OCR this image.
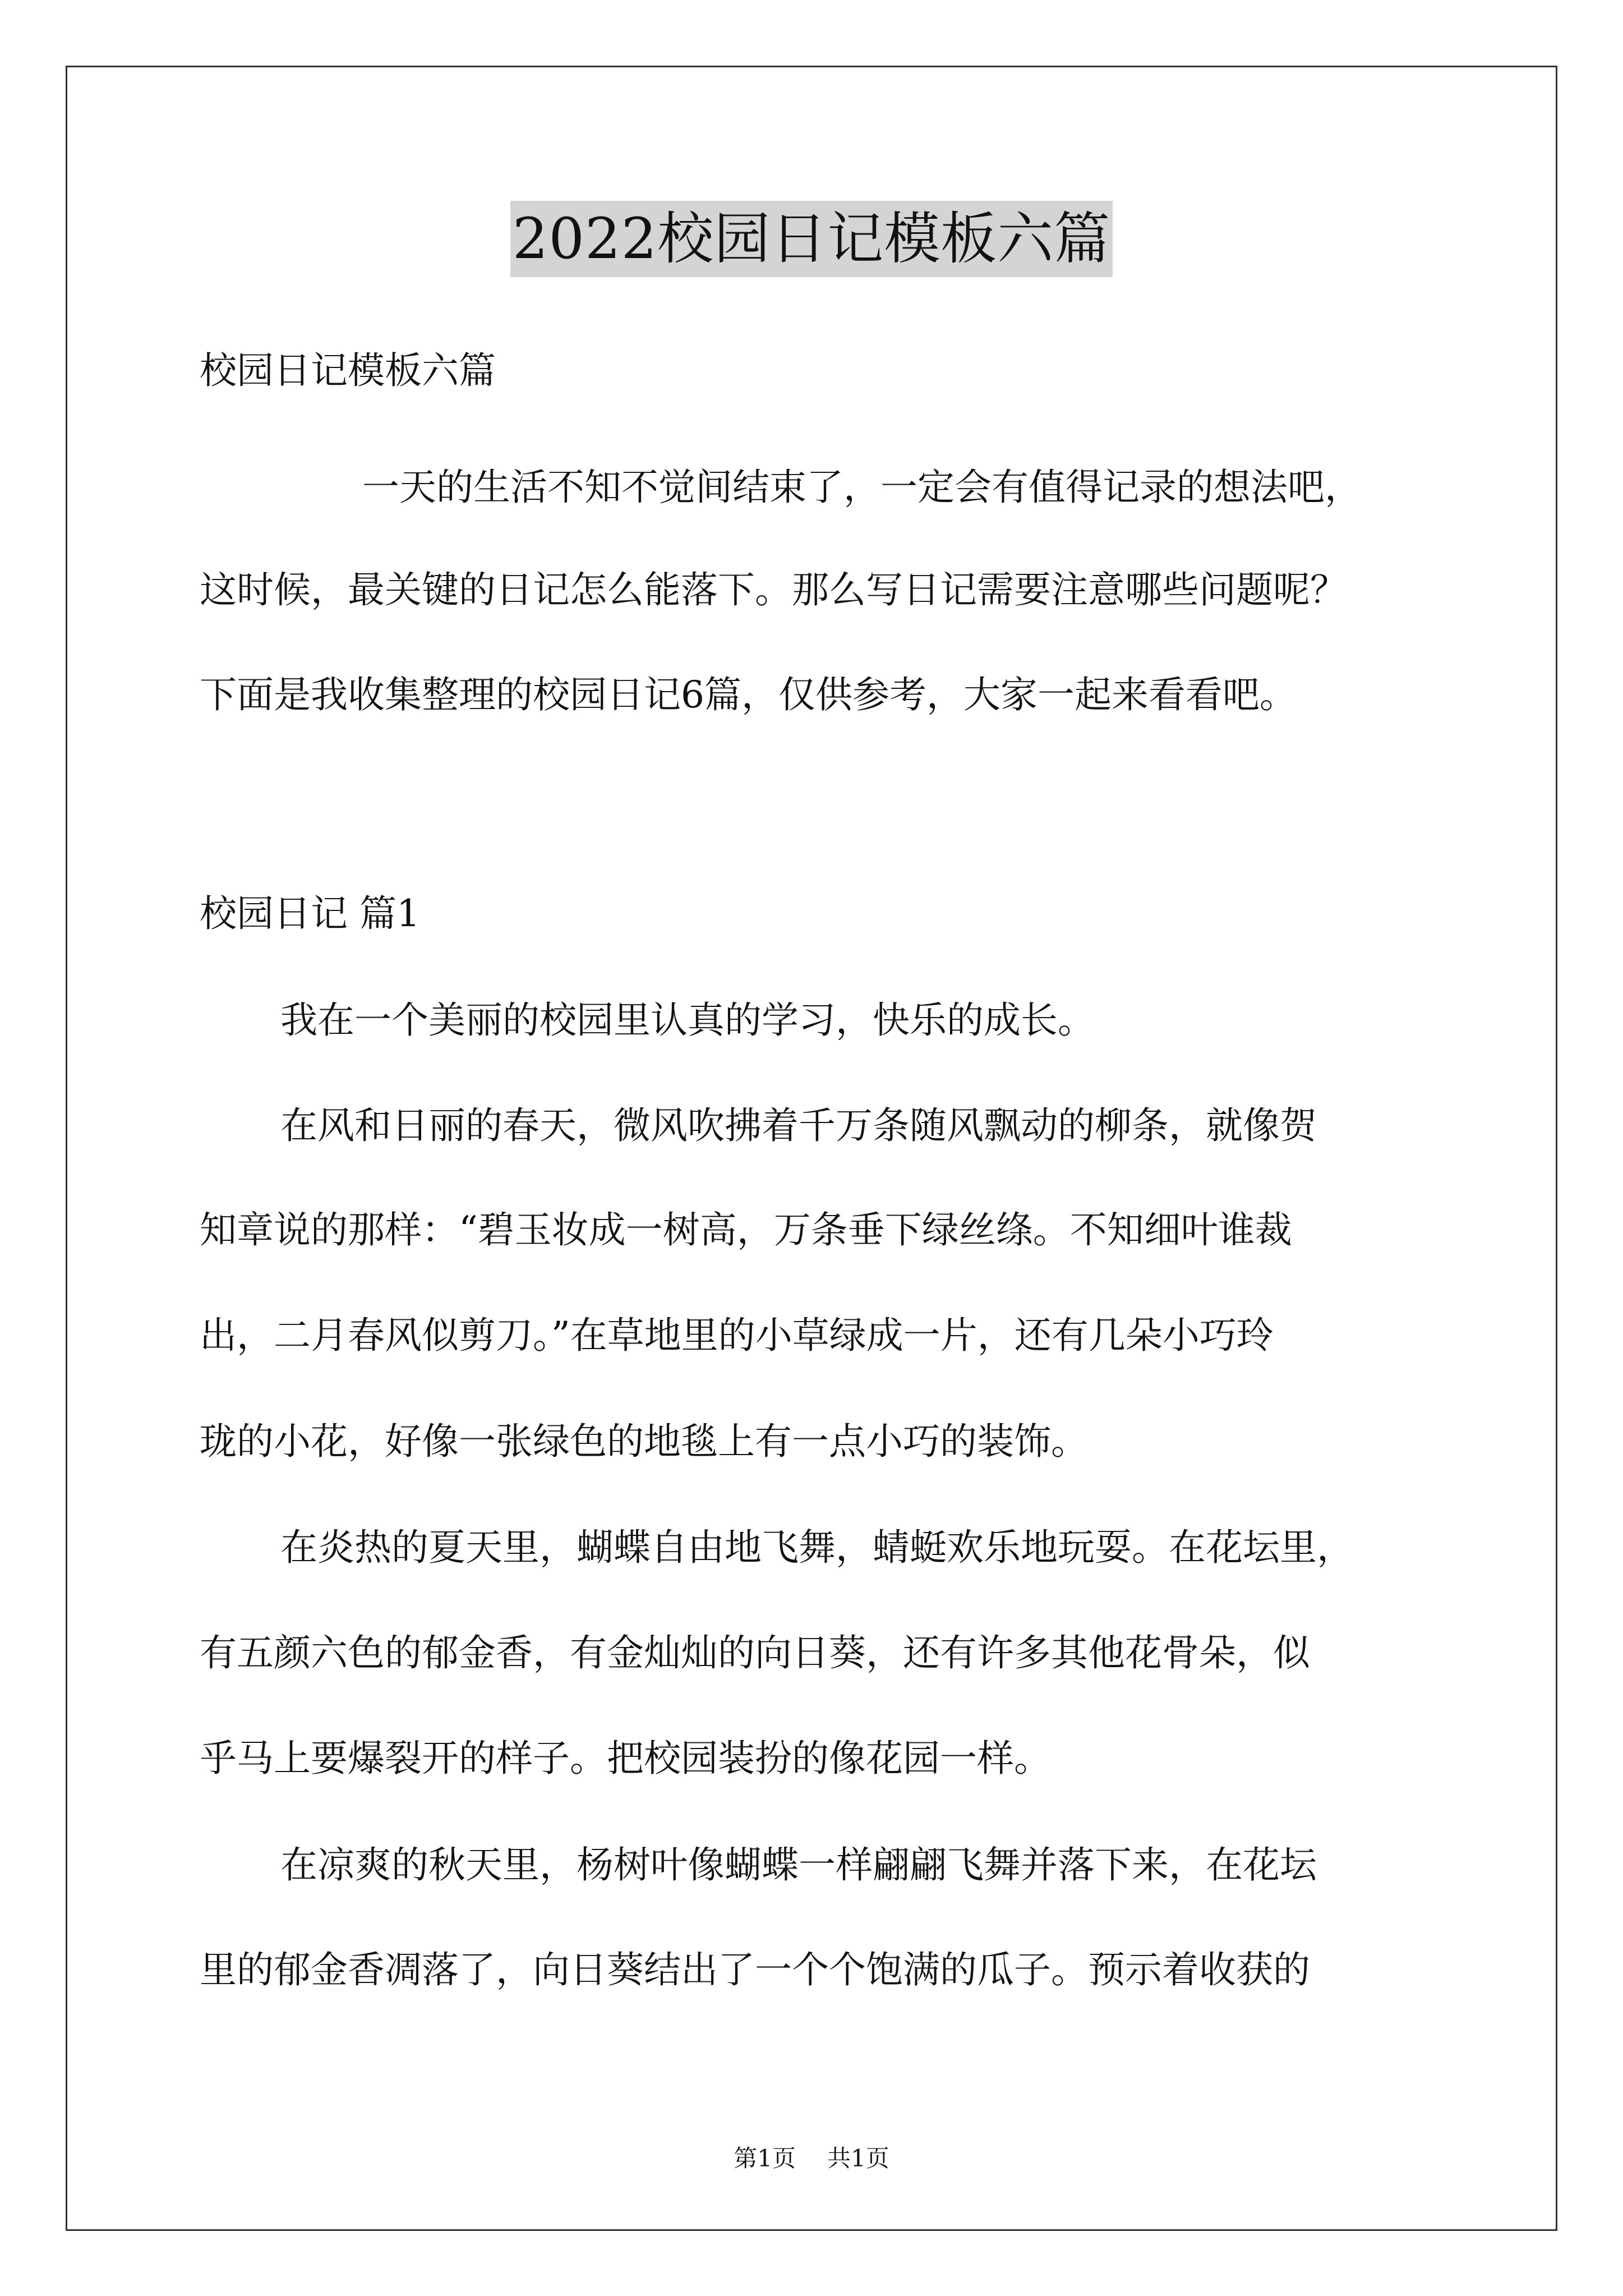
2022校园日记模板六篇
校园日记模板六篇
一天的生活不知不觉间结束了，一定会有值得记录的想法吧，
这时候，最关键的日记怎么能落下。那么写日记需要注意哪些问题呢？
下面是我收集整理的校园日记6篇，仅供参考，大家一起来看看吧。
校园日记 篇1
我在一个美丽的校园里认真的学习，快乐的成长。
在风和日丽的春天，微风吹拂着千万条随风飘动的柳条，就像贺
知章说的那样：“碧玉妆成一树高，万条垂下绿丝绦。不知细叶谁裁
出，二月春风似剪刀。”在草地里的小草绿成一片，还有几朵小巧玲
珑的小花，好像一张绿色的地毯上有一点小巧的装饰。
在炎热的夏天里，蝴蝶自由地飞舞，蜻蜓欢乐地玩耍。在花坛里，
有五颜六色的郁金香，有金灿灿的向日葵，还有许多其他花骨朵，似
乎马上要爆裂开的样子。把校园装扮的像花园一样。
在凉爽的秋天里，杨树叶像蝴蝶一样翩翩飞舞并落下来，在花坛
里的郁金香凋落了，向日葵结出了一个个饱满的瓜子。预示着收获的
第1页 共1页
